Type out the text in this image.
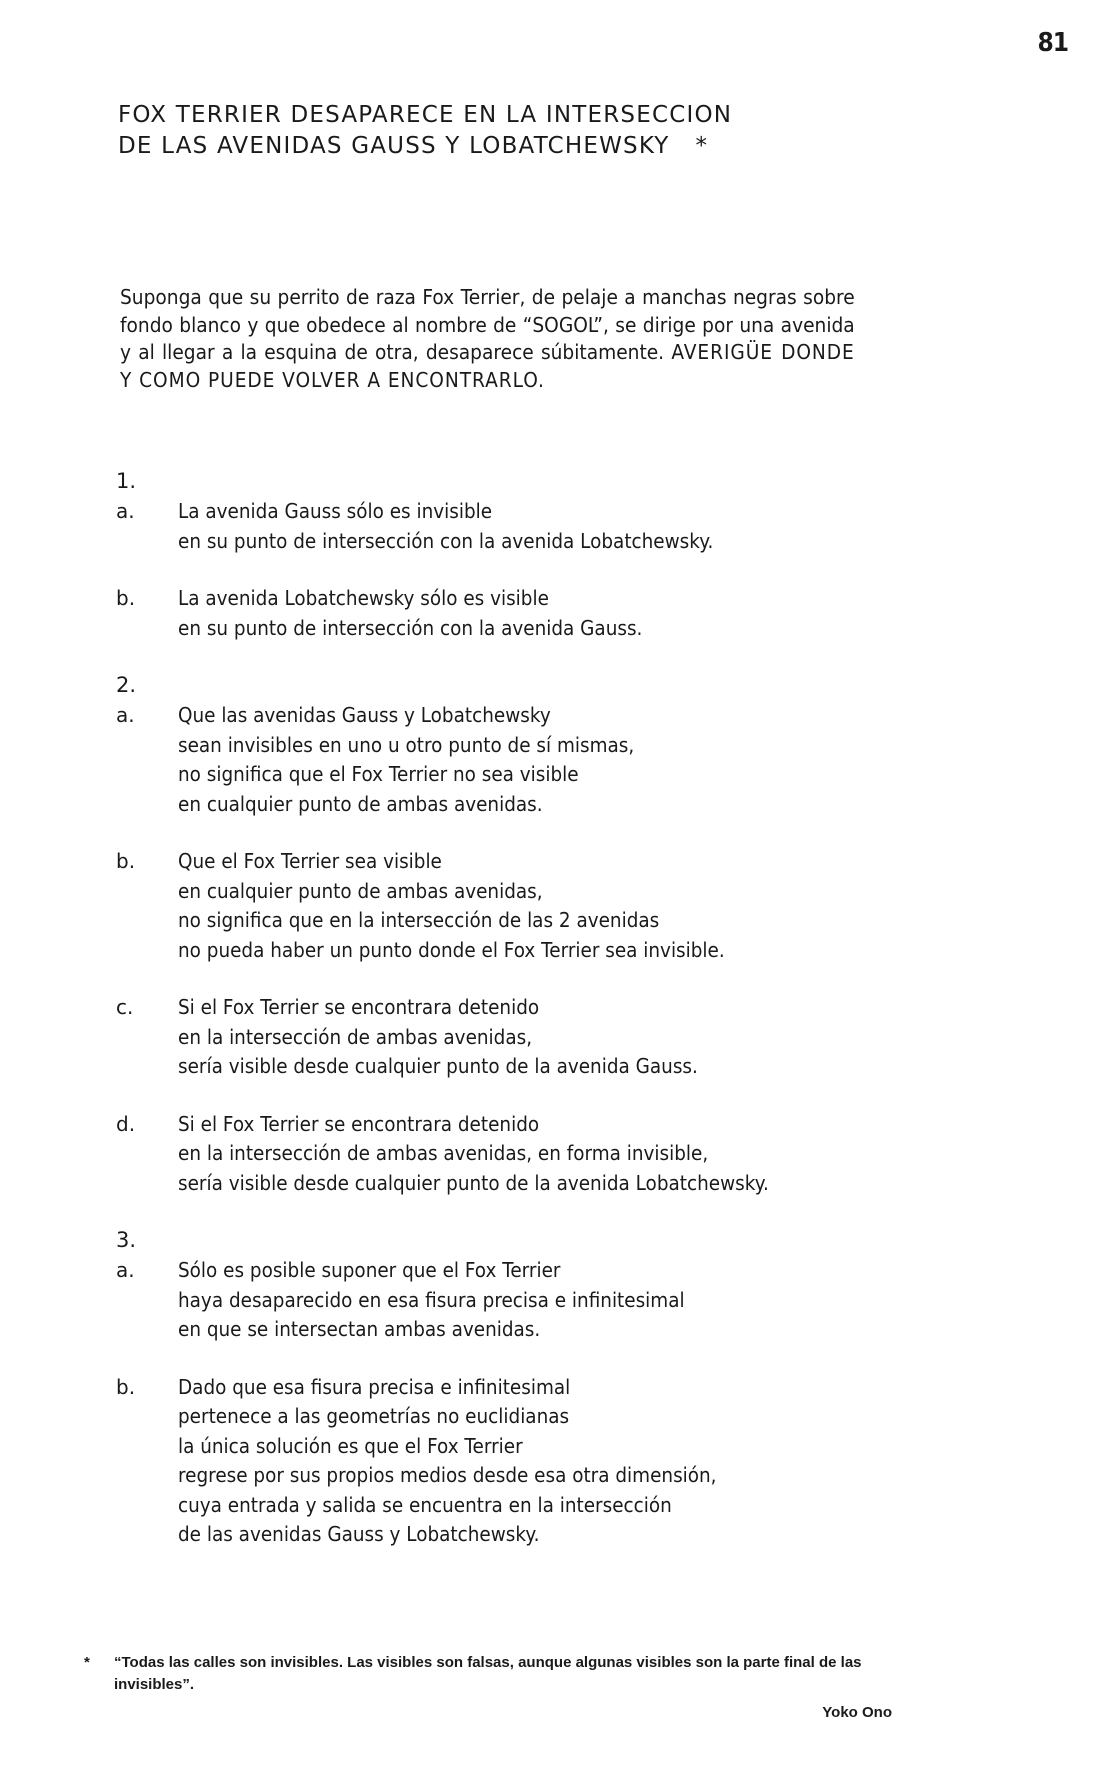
81
FOX TERRIER DESAPARECE EN LA INTERSECCION
DE LAS AVENIDAS GAUSS Y LOBATCHEWSKY *

Suponga que su perrito de raza Fox Terrier, de pelaje a manchas negras sobre fondo blanco y que obedece al nombre de “SOGOL”, se dirige por una avenida y al llegar a la esquina de otra, desaparece súbitamente. AVERIGÜE DONDE Y COMO PUEDE VOLVER A ENCONTRARLO.

1.
a.	La avenida Gauss sólo es invisible
en su punto de intersección con la avenida Lobatchewsky.
b.	La avenida Lobatchewsky sólo es visible
en su punto de intersección con la avenida Gauss.
2.
a.	Que las avenidas Gauss y Lobatchewsky
sean invisibles en uno u otro punto de sí mismas,
no significa que el Fox Terrier no sea visible
en cualquier punto de ambas avenidas.
b.	Que el Fox Terrier sea visible
en cualquier punto de ambas avenidas,
no significa que en la intersección de las 2 avenidas
no pueda haber un punto donde el Fox Terrier sea invisible.
c.	Si el Fox Terrier se encontrara detenido
en la intersección de ambas avenidas,
sería visible desde cualquier punto de la avenida Gauss.
d.	Si el Fox Terrier se encontrara detenido
en la intersección de ambas avenidas, en forma invisible,
sería visible desde cualquier punto de la avenida Lobatchewsky.
3.
a.	Sólo es posible suponer que el Fox Terrier
haya desaparecido en esa fisura precisa e infinitesimal
en que se intersectan ambas avenidas.
b.	Dado que esa fisura precisa e infinitesimal
pertenece a las geometrías no euclidianas
la única solución es que el Fox Terrier
regrese por sus propios medios desde esa otra dimensión,
cuya entrada y salida se encuentra en la intersección
de las avenidas Gauss y Lobatchewsky.
* “Todas las calles son invisibles. Las visibles son falsas, aunque algunas visibles son la parte final de las invisibles”.
Yoko Ono
